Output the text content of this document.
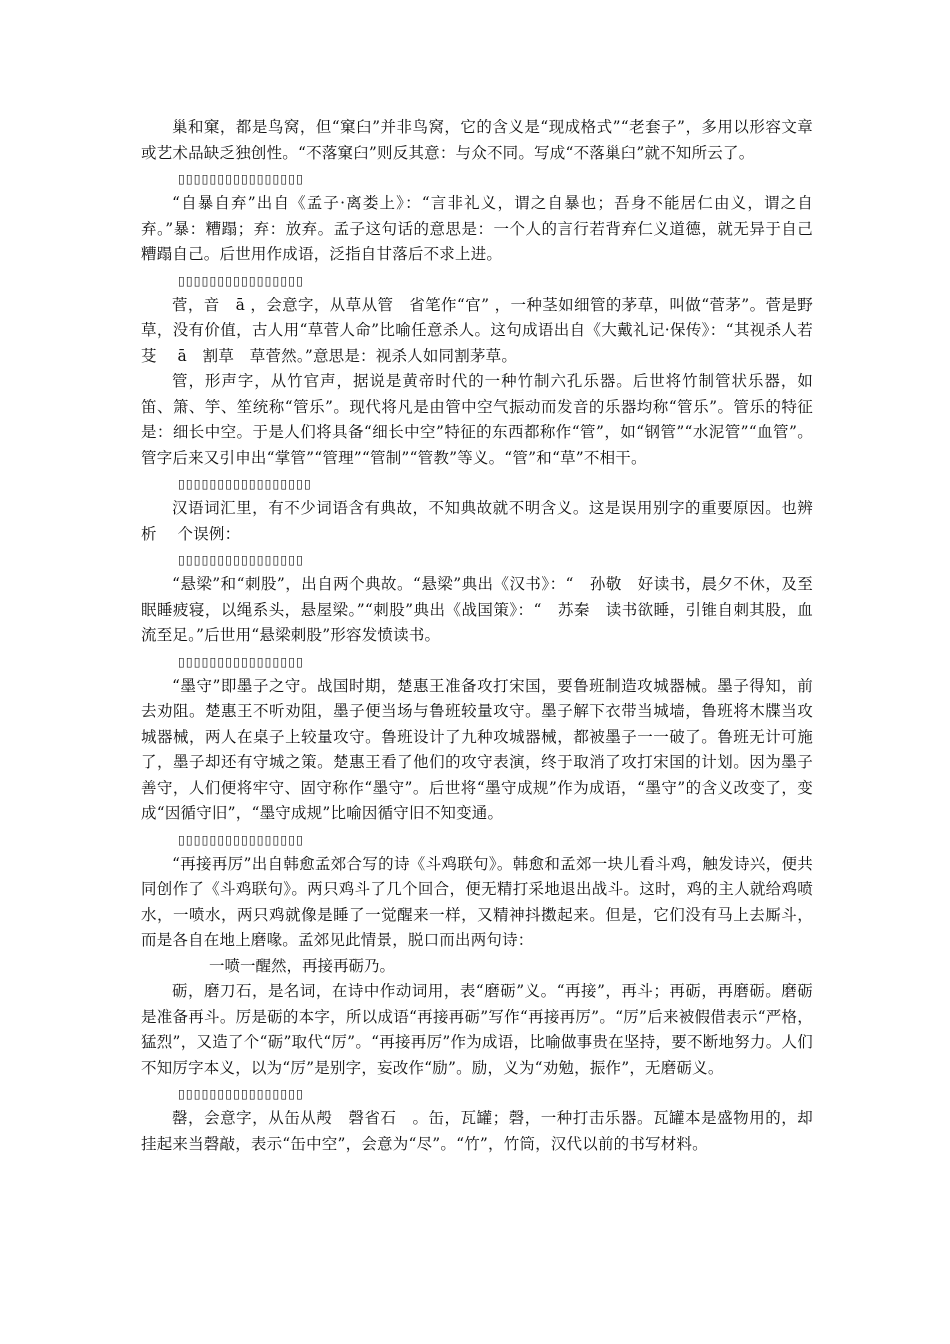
巢和窠，都是鸟窝，但“窠臼”并非鸟窝，它的含义是“现成格式”“老套子”，多用以形容文章或艺术品缺乏独创性。“不落窠臼”则反其意：与众不同。写成“不落巢臼”就不知所云了。

▯▯▯▯▯▯▯▯▯▯▯▯▯▯▯▯

“自暴自弃”出自《孟子·离娄上》：“言非礼义，谓之自暴也；吾身不能居仁由义，谓之自弃。”暴：糟蹋；弃：放弃。孟子这句话的意思是：一个人的言行若背弃仁义道德，就无异于自己糟蹋自己。后世用作成语，泛指自甘落后不求上进。

▯▯▯▯▯▯▯▯▯▯▯▯▯▯▯▯

菅，音　ā ，会意字，从草从管　省笔作“官” ，一种茎如细管的茅草，叫做“菅茅”。菅是野草，没有价值，古人用“草菅人命”比喻任意杀人。这句成语出自《大戴礼记·保传》：“其视杀人若芟　 ā　割草　草菅然。”意思是：视杀人如同割茅草。

管，形声字，从竹官声，据说是黄帝时代的一种竹制六孔乐器。后世将竹制管状乐器，如笛、箫、竽、笙统称“管乐”。现代将凡是由管中空气振动而发音的乐器均称“管乐”。管乐的特征是：细长中空。于是人们将具备“细长中空”特征的东西都称作“管”，如“钢管”“水泥管”“血管”。管字后来又引申出“掌管”“管理”“管制”“管教”等义。“管”和“草”不相干。

▯▯▯▯▯▯▯▯▯▯▯▯▯▯▯▯▯

汉语词汇里，有不少词语含有典故，不知典故就不明含义。这是误用别字的重要原因。也辨析　 个误例：

▯▯▯▯▯▯▯▯▯▯▯▯▯▯▯▯

“悬梁”和“刺股”，出自两个典故。“悬梁”典出《汉书》：“　孙敬　好读书，晨夕不休，及至眠睡疲寝，以绳系头，悬屋梁。”“刺股”典出《战国策》：“　苏秦　读书欲睡，引锥自刺其股，血流至足。”后世用“悬梁刺股”形容发愤读书。

▯▯▯▯▯▯▯▯▯▯▯▯▯▯▯▯

“墨守”即墨子之守。战国时期，楚惠王准备攻打宋国，要鲁班制造攻城器械。墨子得知，前去劝阻。楚惠王不听劝阻，墨子便当场与鲁班较量攻守。墨子解下衣带当城墙，鲁班将木牒当攻城器械，两人在桌子上较量攻守。鲁班设计了九种攻城器械，都被墨子一一破了。鲁班无计可施了，墨子却还有守城之策。楚惠王看了他们的攻守表演，终于取消了攻打宋国的计划。因为墨子善守，人们便将牢守、固守称作“墨守”。后世将“墨守成规”作为成语，“墨守”的含义改变了，变成“因循守旧”，“墨守成规”比喻因循守旧不知变通。

▯▯▯▯▯▯▯▯▯▯▯▯▯▯▯▯

“再接再厉”出自韩愈孟郊合写的诗《斗鸡联句》。韩愈和孟郊一块儿看斗鸡，触发诗兴，便共同创作了《斗鸡联句》。两只鸡斗了几个回合，便无精打采地退出战斗。这时，鸡的主人就给鸡喷水，一喷水，两只鸡就像是睡了一觉醒来一样，又精神抖擞起来。但是，它们没有马上去厮斗，而是各自在地上磨喙。孟郊见此情景，脱口而出两句诗：

一喷一醒然，再接再砺乃。

砺，磨刀石，是名词，在诗中作动词用，表“磨砺”义。“再接”，再斗；再砺，再磨砺。磨砺是准备再斗。厉是砺的本字，所以成语“再接再砺”写作“再接再厉”。“厉”后来被假借表示“严格，猛烈”，又造了个“砺”取代“厉”。“再接再厉”作为成语，比喻做事贵在坚持，要不断地努力。人们不知厉字本义，以为“厉”是别字，妄改作“励”。励，义为“劝勉，振作”，无磨砺义。

▯▯▯▯▯▯▯▯▯▯▯▯▯▯▯▯

罄，会意字，从缶从殸　磬省石　。缶，瓦罐；磬，一种打击乐器。瓦罐本是盛物用的，却挂起来当磬敲，表示“缶中空”，会意为“尽”。“竹”，竹筒，汉代以前的书写材料。
